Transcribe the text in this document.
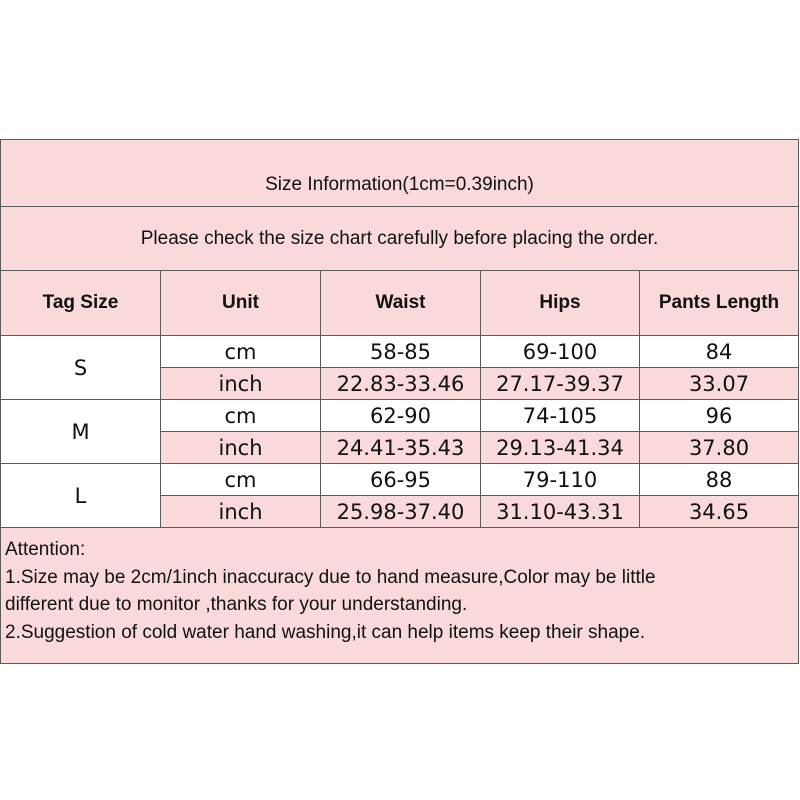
Size Information(1cm=0.39inch)				
Please check the size chart carefully before placing the order.				
Tag Size	Unit	Waist	Hips	Pants Length
S	cm	58-85	69-100	84
	inch	22.83-33.46	27.17-39.37	33.07
M	cm	62-90	74-105	96
	inch	24.41-35.43	29.13-41.34	37.80
L	cm	66-95	79-110	88
	inch	25.98-37.40	31.10-43.31	34.65

Attention:
1.Size may be 2cm/1inch inaccuracy due to hand measure,Color may be little
different due to monitor ,thanks for your understanding.
2.Suggestion of cold water hand washing,it can help items keep their shape.				
